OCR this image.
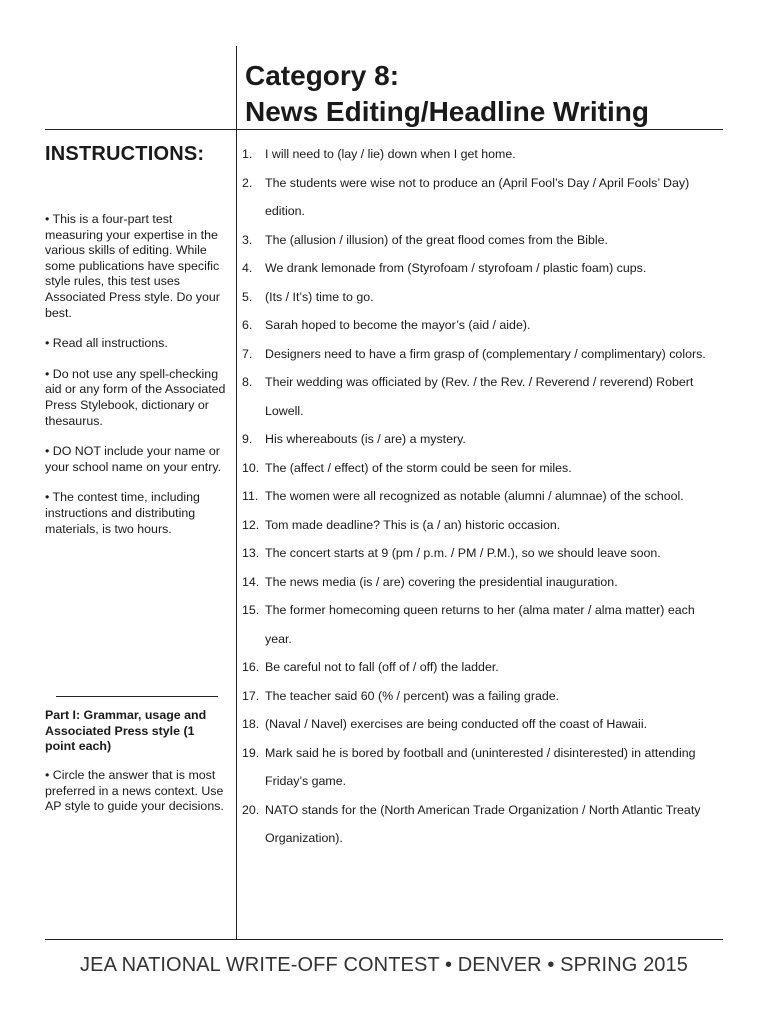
Category 8:
News Editing/Headline Writing
INSTRUCTIONS:

• This is a four-part test measuring your expertise in the various skills of editing. While some publications have specific style rules, this test uses Associated Press style. Do your best.

• Read all instructions.

• Do not use any spell-checking aid or any form of the Associated Press Stylebook, dictionary or thesaurus.

• DO NOT include your name or your school name on your entry.

• The contest time, including instructions and distributing materials, is two hours.

Part I: Grammar, usage and Associated Press style (1 point each)

• Circle the answer that is most preferred in a news context. Use AP style to guide your decisions.

1.	I will need to (lay / lie) down when I get home.
2.	The students were wise not to produce an (April Fool’s Day / April Fools’ Day) edition.
3.	The (allusion / illusion) of the great flood comes from the Bible.
4.	We drank lemonade from (Styrofoam / styrofoam / plastic foam) cups.
5.	(Its / It’s) time to go.
6.	Sarah hoped to become the mayor’s (aid / aide).
7.	Designers need to have a firm grasp of (complementary / complimentary) colors.
8.	Their wedding was officiated by (Rev. / the Rev. / Reverend / reverend) Robert Lowell.
9.	His whereabouts (is / are) a mystery.
10. The (affect / effect) of the storm could be seen for miles.
11. The women were all recognized as notable (alumni / alumnae) of the school.
12. Tom made deadline? This is (a / an) historic occasion.
13. The concert starts at 9 (pm / p.m. / PM / P.M.), so we should leave soon.
14. The news media (is / are) covering the presidential inauguration.
15. The former homecoming queen returns to her (alma mater / alma matter) each year.
16. Be careful not to fall (off of / off) the ladder.
17. The teacher said 60 (% / percent) was a failing grade.
18. (Naval / Navel) exercises are being conducted off the coast of Hawaii.
19. Mark said he is bored by football and (uninterested / disinterested) in attending Friday’s game.
20. NATO stands for the (North American Trade Organization / North Atlantic Treaty Organization).
JEA NATIONAL WRITE-OFF CONTEST • DENVER • SPRING 2015
